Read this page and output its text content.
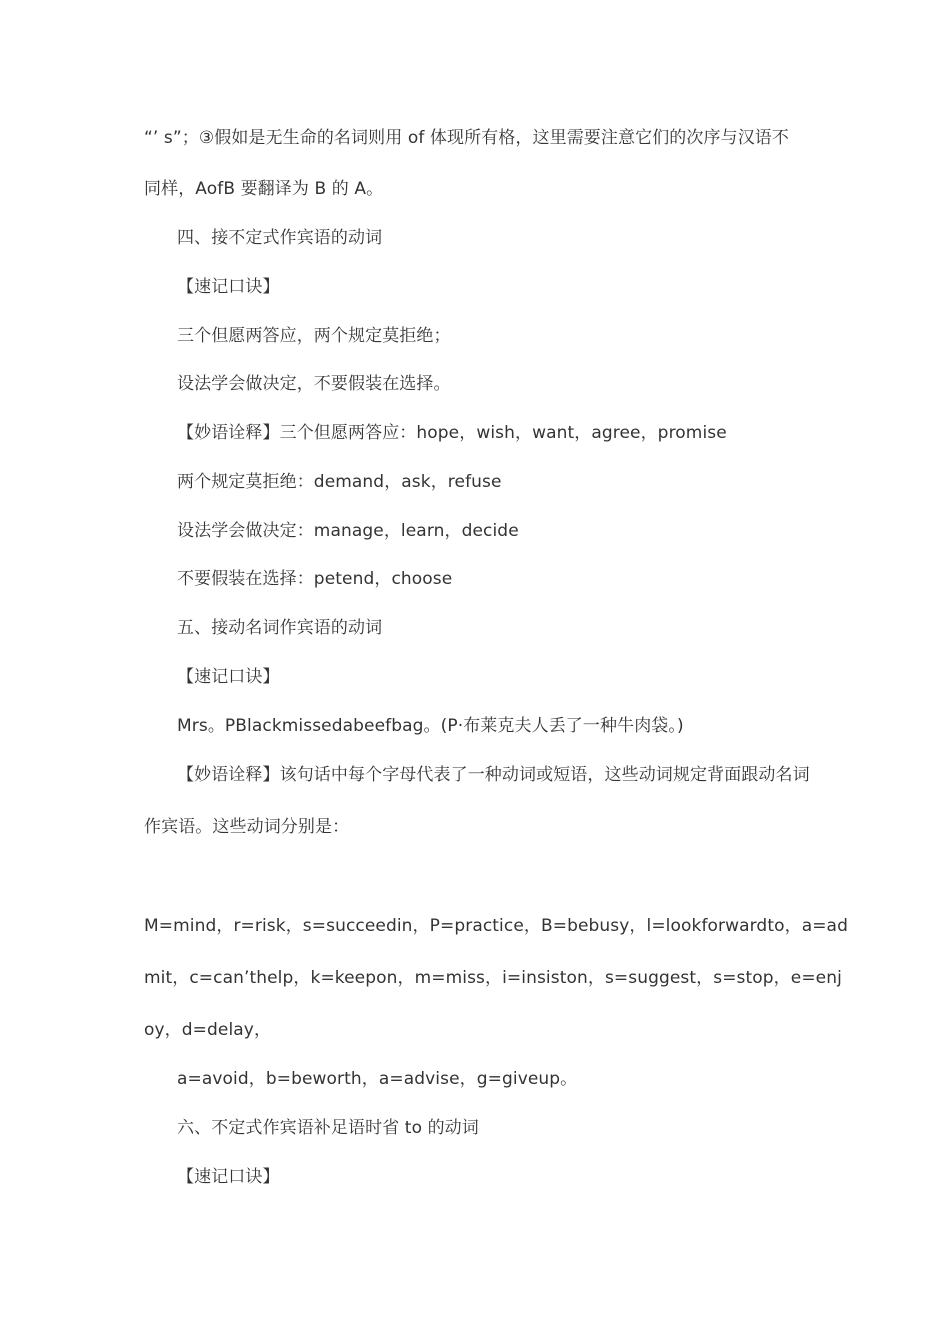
“’ s”；③假如是无生命的名词则用 of 体现所有格，这里需要注意它们的次序与汉语不
同样，AofB 要翻译为 B 的 A。
四、接不定式作宾语的动词
【速记口诀】
三个但愿两答应，两个规定莫拒绝；
设法学会做决定，不要假装在选择。
【妙语诠释】三个但愿两答应：hope，wish，want，agree，promise
两个规定莫拒绝：demand，ask，refuse
设法学会做决定：manage，learn，decide
不要假装在选择：petend，choose
五、接动名词作宾语的动词
【速记口诀】
Mrs。PBlackmissedabeefbag。(P·布莱克夫人丢了一种牛肉袋。)
【妙语诠释】该句话中每个字母代表了一种动词或短语，这些动词规定背面跟动名词
作宾语。这些动词分别是：
M=mind，r=risk，s=succeedin，P=practice，B=bebusy，l=lookforwardto，a=ad
mit，c=can’thelp，k=keepon，m=miss，i=insiston，s=suggest，s=stop，e=enj
oy，d=delay，
a=avoid，b=beworth，a=advise，g=giveup。
六、不定式作宾语补足语时省 to 的动词
【速记口诀】
